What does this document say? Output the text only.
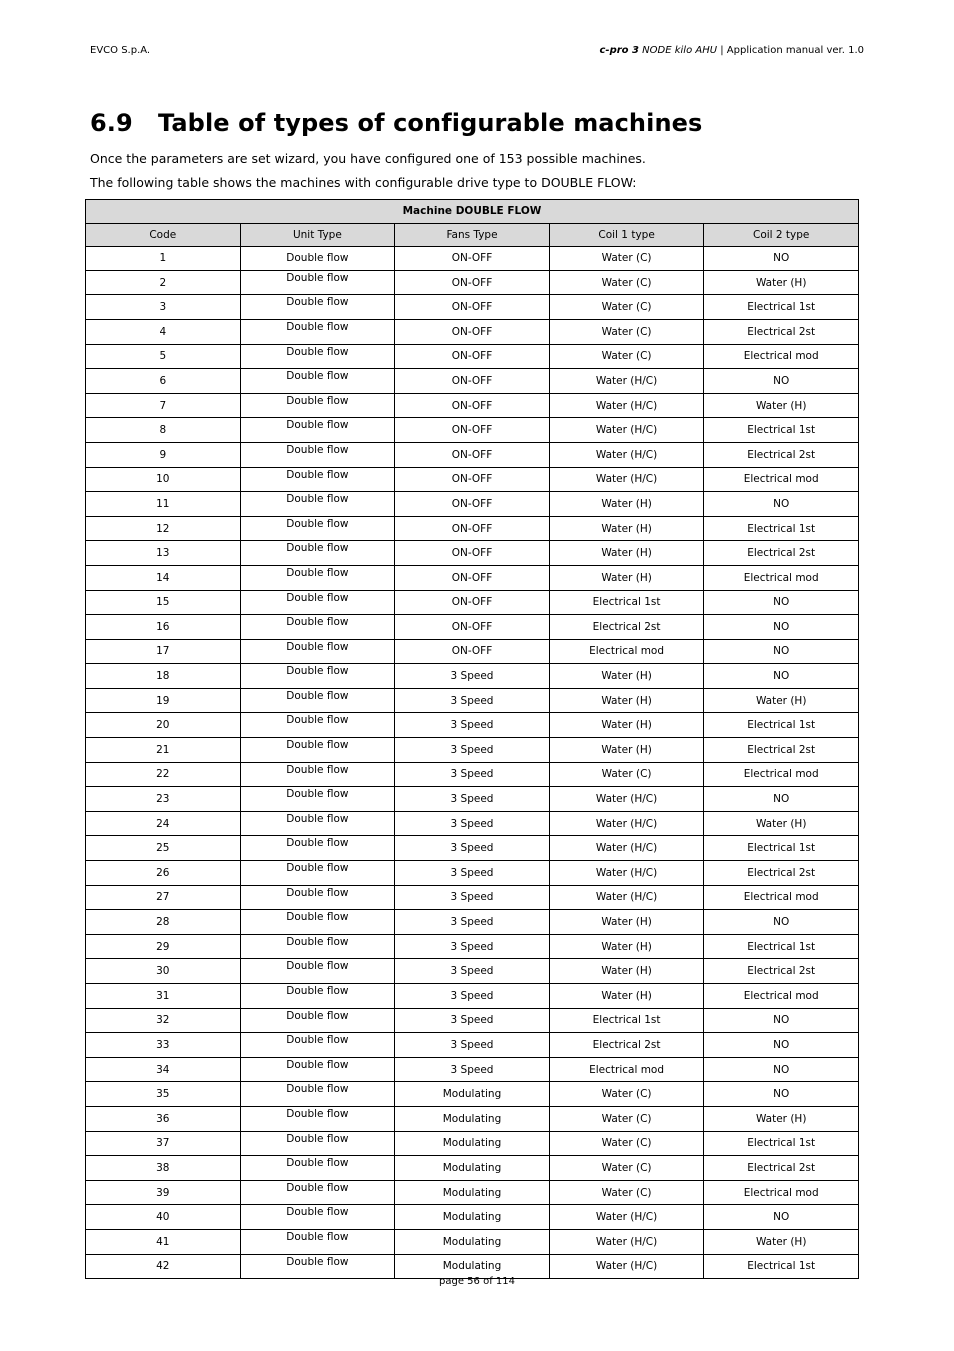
EVCO S.p.A.	c-pro 3 NODE kilo AHU | Application manual ver. 1.0
6.9 Table of types of configurable machines

Once the parameters are set wizard, you have configured one of 153 possible machines.

The following table shows the machines with configurable drive type to DOUBLE FLOW:

Machine DOUBLE FLOW				
Code	Unit Type	Fans Type	Coil 1 type	Coil 2 type
1	Double flow	ON-OFF	Water (C)	NO
2	Double flow	ON-OFF	Water (C)	Water (H)
3	Double flow	ON-OFF	Water (C)	Electrical 1st
4	Double flow	ON-OFF	Water (C)	Electrical 2st
5	Double flow	ON-OFF	Water (C)	Electrical mod
6	Double flow	ON-OFF	Water (H/C)	NO
7	Double flow	ON-OFF	Water (H/C)	Water (H)
8	Double flow	ON-OFF	Water (H/C)	Electrical 1st
9	Double flow	ON-OFF	Water (H/C)	Electrical 2st
10	Double flow	ON-OFF	Water (H/C)	Electrical mod
11	Double flow	ON-OFF	Water (H)	NO
12	Double flow	ON-OFF	Water (H)	Electrical 1st
13	Double flow	ON-OFF	Water (H)	Electrical 2st
14	Double flow	ON-OFF	Water (H)	Electrical mod
15	Double flow	ON-OFF	Electrical 1st	NO
16	Double flow	ON-OFF	Electrical 2st	NO
17	Double flow	ON-OFF	Electrical mod	NO
18	Double flow	3 Speed	Water (H)	NO
19	Double flow	3 Speed	Water (H)	Water (H)
20	Double flow	3 Speed	Water (H)	Electrical 1st
21	Double flow	3 Speed	Water (H)	Electrical 2st
22	Double flow	3 Speed	Water (C)	Electrical mod
23	Double flow	3 Speed	Water (H/C)	NO
24	Double flow	3 Speed	Water (H/C)	Water (H)
25	Double flow	3 Speed	Water (H/C)	Electrical 1st
26	Double flow	3 Speed	Water (H/C)	Electrical 2st
27	Double flow	3 Speed	Water (H/C)	Electrical mod
28	Double flow	3 Speed	Water (H)	NO
29	Double flow	3 Speed	Water (H)	Electrical 1st
30	Double flow	3 Speed	Water (H)	Electrical 2st
31	Double flow	3 Speed	Water (H)	Electrical mod
32	Double flow	3 Speed	Electrical 1st	NO
33	Double flow	3 Speed	Electrical 2st	NO
34	Double flow	3 Speed	Electrical mod	NO
35	Double flow	Modulating	Water (C)	NO
36	Double flow	Modulating	Water (C)	Water (H)
37	Double flow	Modulating	Water (C)	Electrical 1st
38	Double flow	Modulating	Water (C)	Electrical 2st
39	Double flow	Modulating	Water (C)	Electrical mod
40	Double flow	Modulating	Water (H/C)	NO
41	Double flow	Modulating	Water (H/C)	Water (H)
42	Double flow	Modulating	Water (H/C)	Electrical 1st
page 56 of 114
